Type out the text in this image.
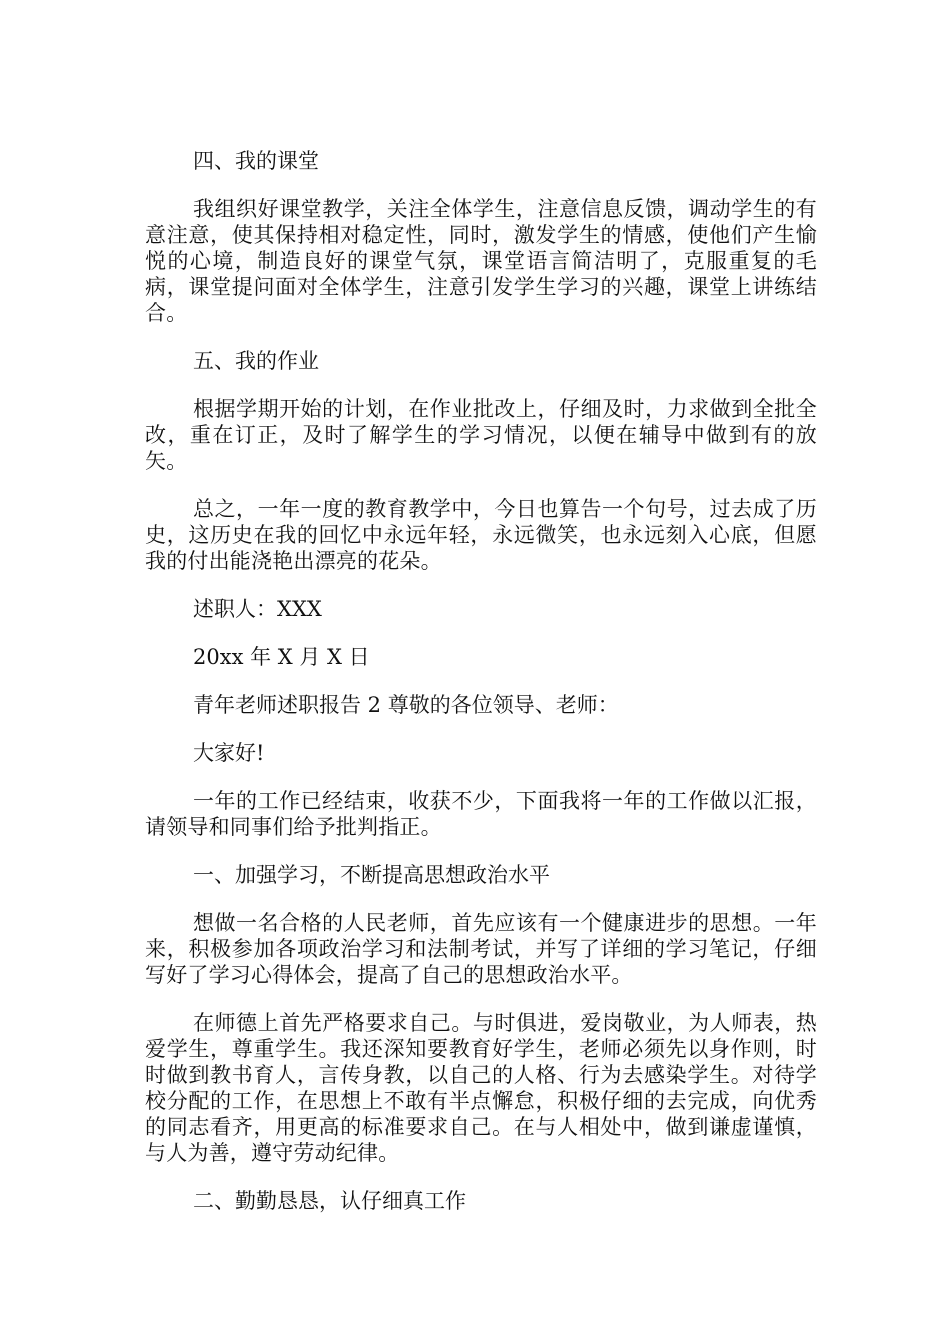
四、我的课堂

我组织好课堂教学，关注全体学生，注意信息反馈，调动学生的有意注意，使其保持相对稳定性，同时，激发学生的情感，使他们产生愉悦的心境，制造良好的课堂气氛，课堂语言简洁明了，克服重复的毛病，课堂提问面对全体学生，注意引发学生学习的兴趣，课堂上讲练结合。

五、我的作业

根据学期开始的计划，在作业批改上，仔细及时，力求做到全批全改，重在订正，及时了解学生的学习情况，以便在辅导中做到有的放矢。

总之，一年一度的教育教学中，今日也算告一个句号，过去成了历史，这历史在我的回忆中永远年轻，永远微笑，也永远刻入心底，但愿我的付出能浇艳出漂亮的花朵。

述职人：XXX

20xx 年 X 月 X 日

青年老师述职报告 2 尊敬的各位领导、老师：

大家好!

一年的工作已经结束，收获不少，下面我将一年的工作做以汇报，请领导和同事们给予批判指正。

一、加强学习，不断提高思想政治水平

想做一名合格的人民老师，首先应该有一个健康进步的思想。一年来，积极参加各项政治学习和法制考试，并写了详细的学习笔记，仔细写好了学习心得体会，提高了自己的思想政治水平。

在师德上首先严格要求自己。与时俱进，爱岗敬业，为人师表，热爱学生，尊重学生。我还深知要教育好学生，老师必须先以身作则，时时做到教书育人，言传身教，以自己的人格、行为去感染学生。对待学校分配的工作，在思想上不敢有半点懈怠，积极仔细的去完成，向优秀的同志看齐，用更高的标准要求自己。在与人相处中，做到谦虚谨慎，与人为善，遵守劳动纪律。

二、勤勤恳恳，认仔细真工作
